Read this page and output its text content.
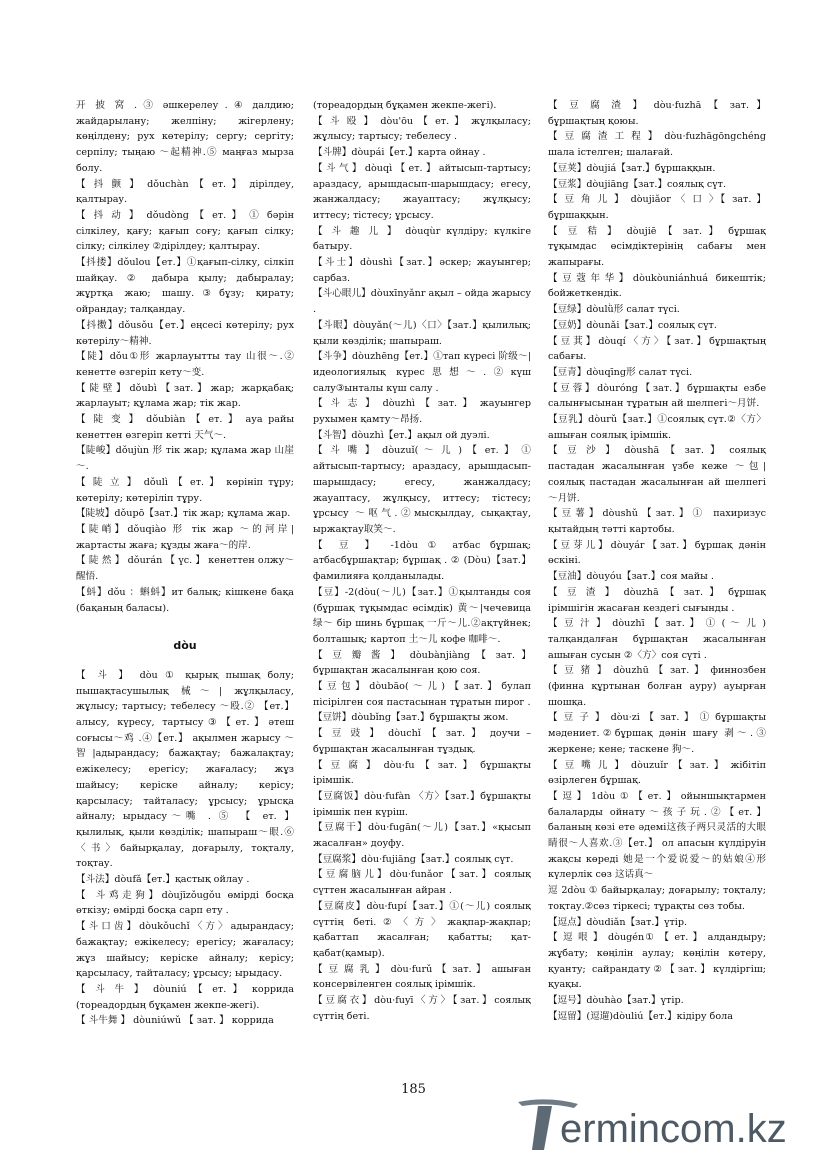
开 披 窝 . ③ әшкерелеу . ④ далдию; жайдарылану; желпіну; жігерлену; көңілдену; рух көтерілу; сергу; сергіту; серпілу; тыңаю ～起精神.⑤ маңғаз мырза болу.

【 抖 颤 】 dǒuchàn 【 ет. 】 дірілдеу, қалтырау.

【 抖 动 】 dǒudòng 【 ет. 】 ① бәрін сілкілеу, қағу; қағып соғу; қағып сілку; сілку; сілкілеу ②дірілдеу; қалтырау.

【抖搂】dǒulou【ет.】①қағып-сілку, сілкіп шайқау. ② дабыра қылу; дабыралау; жұртқа жаю; шашу.③бұзу; қирату; ойрандау; талқандау.

【抖擞】dǒusǒu【ет.】еңсесі көтерілу; рух көтерілу～精神.

【陡】dǒu①形 жарлауытты тау 山很～.② кенетте өзгеріп кету～变.

【陡壁】dǒubì【зат.】жар; жарқабақ; жарлауыт; құлама жар; тік жар.

【 陡 变 】 dǒubiàn 【 ет. 】 ауа райы кенеттен өзгеріп кетті 天气～.

【陡峻】dǒujùn 形 тік жар; құлама жар 山崖～.

【 陡 立 】 dǒulì 【 ет. 】 көрініп тұру; көтерілу; көтеріліп тұру.

【陡坡】dǒupō【зат.】тік жар; құлама жар.

【陡峭】dǒuqiào 形 тік жар ～的河岸| жартасты жаға; құзды жаға～的岸.

【 陡 然 】 dǒurán 【 үс. 】 кенеттен олжу～醒悟.

【蚪】dǒu ：蝌蚪】ит балық; кішкене бақа (бақаның баласы).

dòu

【 斗 】 dòu ① қырық пышақ болу; пышақтасушылық 械～| жұлқыласу, жұлысу; тартысу; тебелесу ～殴.② 【ет.】алысу, күресу, тартысу③【ет.】әтеш соғысы～鸡 .④【ет.】 ақылмен жарысу ～智|адырандасу; бажақтау; бажалақтау; ежікелесу; ерегісу; жағаласу; жұз шайысу; керіске айналу; керісу; қарсыласу; тайталасу; ұрсысу; ұрысқа айналу; ырыдасу～嘴 . ⑤ 【 ет. 】 қылилық, қыли көзділік; шапыраш～眼.⑥ 〈书〉байырқалау, доғарылу, тоқталу, тоқтау.

【斗法】dòufǎ【ет.】қастық ойлау .

【 斗鸡走狗】dòujīzǒugǒu өмірді босқа өткізу; өмірді босқа сарп ету .

【斗口齿】dòukǒuchǐ〈方〉адырандасу; бажақтау; ежікелесу; ерегісу; жағаласу; жұз шайысу; керіске айналу; керісу; қарсыласу, тайталасу; ұрсысу; ырыдасу.

【 斗 牛 】 dòuniú 【 ет. 】 коррида (тореадордың бұқамен жекпе-жегі).

【 斗牛舞 】 dòuniúwǔ 【 зат. 】 коррида

(тореадордың бұқамен жекпе-жегі).

【 斗 殴 】 dòu'ōu 【 ет. 】 жұлқыласу; жұлысу; тартысу; тебелесу .

【斗牌】dòupái【ет.】карта ойнау .

【斗气】dòuqì【ет.】айтысып-тартысу; араздасу, арышдасып-шарышдасу; егесу, жанжалдасу; жауаптасу; жұлқысу; иттесу; тістесу; ұрсысу.

【 斗 趣 儿 】 dòuqùr күлдіру; күлкіге батыру.

【斗士】dòushì【зат.】әскер; жауынгер; сарбаз.

【斗心眼儿】dòuxīnyǎnr ақыл – ойда жарысу .

【斗眼】dòuyǎn(～儿)〈口〉【зат.】қылилық; қыли көзділік; шапыраш.

【斗争】dòuzhēng【ет.】①тап күресі 阶级～|идеологиялық күрес思想～.②күш салу③ынталы күш салу .

【 斗 志 】 dòuzhì 【 зат. 】 жауынгер рухымен қамту～昂扬.

【斗智】dòuzhì【ет.】ақыл ой дуэлі.

【 斗 嘴 】 dòuzuǐ( ～ 儿 ) 【 ет. 】 ① айтысып-тартысу; араздасу, арышдасып-шарышдасу; егесу, жанжалдасу; жауаптасу, жұлқысу, иттесу; тістесу; ұрсысу ～呕气.②мысқылдау, сықақтау, ыржақтау取笑～.

【 豆 】 -1dòu ① атбас бұршақ; атбасбұршақтар; бұршақ . ② (Dòu)【зат.】фамилияға қолданылады.

【豆】-2(dòu(～儿)【зат.】①қылтанды соя (бұршақ тұқымдас өсімдік) 黄～|чечевица 绿～ бір шинь бұршақ 一斤～儿.②ақтүйнек; болташық; картоп 土～儿 кофе 咖啡～.

【 豆 瓣 酱 】 dòubànjiàng 【 зат. 】 бұршақтан жасалынған қою соя.

【豆包】dòubāo(～儿)【зат.】булап пісірілген соя пастасынан тұратын пирог .

【豆饼】dòubǐng【зат.】бұршақты жом.

【 豆 豉 】 dòuchǐ 【 зат. 】 доучи – бұршақтан жасалынған тұздық.

【 豆 腐 】 dòu·fu 【 зат. 】 бұршақты ірімшік.

【豆腐饭】dòu·fufàn 〈方〉【зат.】бұршақты ірімшік пен күріш.

【豆腐干】dòu·fugān(～儿)【зат.】«қысып жасалған» доуфу.

【豆腐浆】dòu·fujiāng【зат.】соялық сүт.

【豆腐脑儿】dòu·funǎor【зат.】соялық сүттен жасалынған айран .

【豆腐皮】dòu·fupí【зат.】①(～儿) соялық сүттің беті.②〈方〉жақпар-жақпар; қабаттап жасалған; қабатты; қат-қабат(қамыр).

【 豆 腐 乳 】 dòu·furǔ 【 зат. 】 ашыған консервіленген соялық ірімшік.

【豆腐衣】dòu·fuyī〈方〉【зат.】соялық сүттің беті.

【 豆 腐 渣 】 dòu·fuzhā 【 зат. 】 бұршақтың қоюы.

【 豆 腐 渣 工 程 】 dòu·fuzhāgōngchéng шала істелген; шалағай.

【豆荚】dòujiá【зат.】бұршаққын.

【豆浆】dòujiāng【зат.】соялық сүт.

【 豆 角 儿 】 dòujiǎor 〈 口 〉【 зат. 】 бұршаққын.

【 豆 秸 】 dòujiē 【 зат. 】 бұршақ тұқымдас өсімдіктерінің сабағы мен жапырағы.

【豆蔻年华】dòukòuniánhuá бикештік; бойжеткендік.

【豆绿】dòulǜ形 салат түсі.

【豆奶】dòunǎi【зат.】соялық сүт.

【豆萁】dòuqí〈方〉【зат.】бұршақтың сабағы.

【豆青】dòuqīng形 салат түсі.

【豆蓉】dòuróng【зат.】бұршақты езбе салынғысынан тұратын ай шелпегі～月饼.

【豆乳】dòurǔ【зат.】①соялық сүт.②〈方〉ашыған соялық ірімшік.

【 豆 沙 】 dòushā 【 зат. 】 соялық пастадан жасалынған үзбе кеже ～包|соялық пастадан жасалынған ай шелпегі～月饼.

【豆薯】dòushǔ【зат.】① пахиризус қытайдың тәтті картобы.

【豆芽儿】dòuyár【зат.】бұршақ дәнін өскіні.

【豆油】dòuyóu【зат.】соя майы .

【 豆 渣 】 dòuzhā 【 зат. 】 бұршақ ірімшігін жасаған кездегі сығынды .

【 豆 汁 】 dòuzhī 【 зат. 】 ① ( ～ 儿 ) талқандалған бұршақтан жасалынған ашыған сусын ②〈方〉соя сүті .

【 豆 猪 】 dòuzhū 【 зат. 】 финнозбен (финна құртынан болған ауру) ауырған шошқа.

【 豆 子 】 dòu·zi 【 зат. 】 ① бұршақты мәдениет.②бұршақ дәнін шағу 剥～.③ жеркене; кене; таскене 狗～.

【 豆 嘴 儿 】 dòuzuǐr 【 зат. 】 жібітіп өзірлеген бұршақ.

【逗】1dòu①【ет.】ойыншықтармен балаларды ойнату～孩子玩.②【ет.】баланың көзі ете әдемі这孩子两只灵活的大眼睛很～人喜欢.③【ет.】 ол апасын күлдіруін жақсы көреді 她是一个爱说爱～的姑娘④形 күлерлік сөз 这话真～

逗 2dòu ① байырқалау; доғарылу; тоқталу; тоқтау.②сөз тіркесі; тұрақты сөз тобы.

【逗点】dòudiǎn【зат.】үтір.

【 逗 哏 】 dòugén① 【 ет. 】 алдандыру; жұбату; көңілін аулау; көңілін көтеру, қуанту; сайрандату②【зат.】күлдіргіш; қуақы.

【逗号】dòuhào【зат.】үтір.

【逗留】(逗遛)dòuliú【ет.】кідіру бола

185
ermincom.kz
